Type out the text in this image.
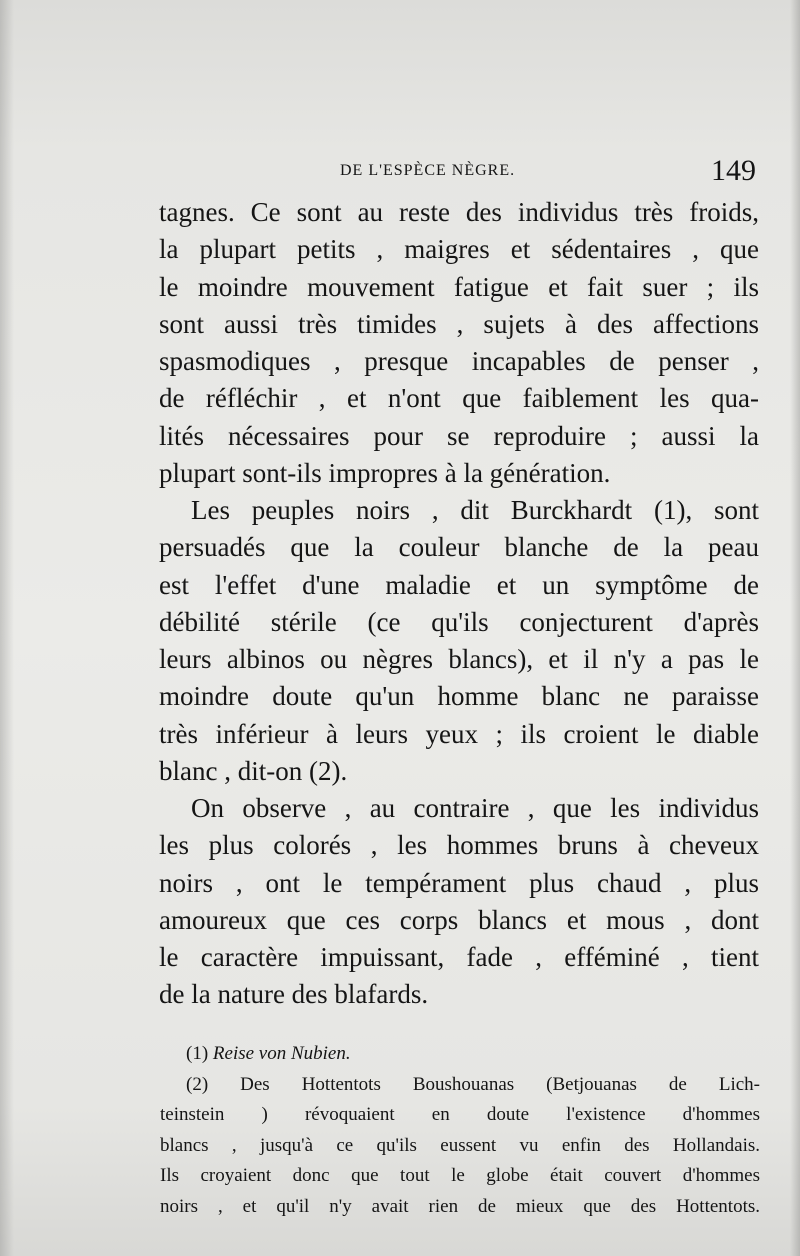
DE L'ESPÈCE NÈGRE.	149
tagnes. Ce sont au reste des individus très froids,
la plupart petits , maigres et sédentaires , que
le moindre mouvement fatigue et fait suer ; ils
sont aussi très timides , sujets à des affections
spasmodiques , presque incapables de penser ,
de réfléchir , et n'ont que faiblement les qua-
lités nécessaires pour se reproduire ; aussi la
plupart sont-ils impropres à la génération.
Les peuples noirs , dit Burckhardt (1), sont
persuadés que la couleur blanche de la peau
est l'effet d'une maladie et un symptôme de
débilité stérile (ce qu'ils conjecturent d'après
leurs albinos ou nègres blancs), et il n'y a pas le
moindre doute qu'un homme blanc ne paraisse
très inférieur à leurs yeux ; ils croient le diable
blanc , dit-on (2).
On observe , au contraire , que les individus
les plus colorés , les hommes bruns à cheveux
noirs , ont le tempérament plus chaud , plus
amoureux que ces corps blancs et mous , dont
le caractère impuissant, fade , efféminé , tient
de la nature des blafards.
(1) Reise von Nubien.
(2) Des Hottentots Boushouanas (Betjouanas de Lich-
teinstein ) révoquaient en doute l'existence d'hommes
blancs , jusqu'à ce qu'ils eussent vu enfin des Hollandais.
Ils croyaient donc que tout le globe était couvert d'hommes
noirs , et qu'il n'y avait rien de mieux que des Hottentots.
